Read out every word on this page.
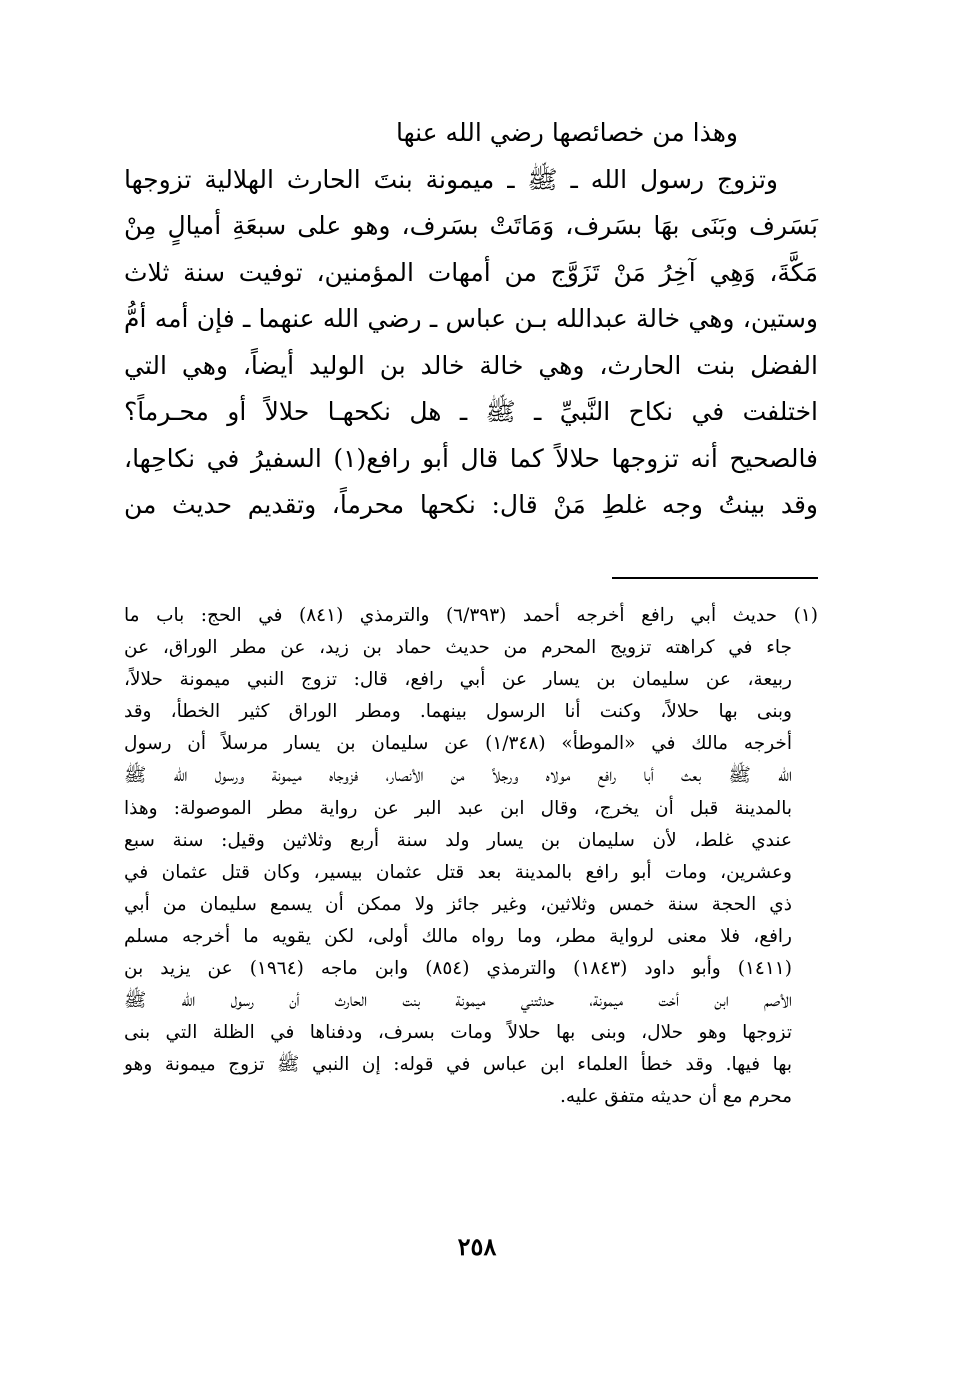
وهذا من خصائصها رضي الله عنها
وتزوج رسول الله ـ ﷺ ـ ميمونة بنتَ الحارث الهلالية تزوجها
بَسَرف وبَنَى بهَا بسَرف، وَمَاتَتْ بسَرف، وهو على سبعَةِ أميالٍ مِنْ
مَكَّةَ، وَهِي آخِرُ مَنْ تَزَوَّج من أمهات المؤمنين، توفيت سنة ثلاث
وستين، وهي خالة عبدالله بـن عباس ـ رضي الله عنهما ـ فإن أمه أمُّ
الفضل بنت الحارث، وهي خالة خالد بن الوليد أيضاً، وهي التي
اختلفت في نكاح النَّبيِّ ـ ﷺ ـ هل نكحهـا حلالاً أو محـرماً؟
فالصحيح أنه تزوجها حلالاً كما قال أبو رافع(١) السفيرُ في نكاحِها،
وقد بينتُ وجه غلطِ مَنْ قال: نكحها محرماً، وتقديم حديث من
(١) حديث أبي رافع أخرجه أحمد (٦/٣٩٣) والترمذي (٨٤١) في الحج: باب ما
جاء في كراهته تزويج المحرم من حديث حماد بن زيد، عن مطر الوراق، عن
ربيعة، عن سليمان بن يسار عن أبي رافع، قال: تزوج النبي ميمونة حلالاً،
وبنى بها حلالاً، وكنت أنا الرسول بينهما. ومطر الوراق كثير الخطأ، وقد
أخرجه مالك في «الموطأ» (١/٣٤٨) عن سليمان بن يسار مرسلاً أن رسول
الله ﷺ بعث أبا رافع مولاه ورجلاً من الأنصار، فزوجاه ميمونة ورسول الله ﷺ
بالمدينة قبل أن يخرج، وقال ابن عبد البر عن رواية مطر الموصولة: وهذا
عندي غلط، لأن سليمان بن يسار ولد سنة أربع وثلاثين وقيل: سنة سبع
وعشرين، ومات أبو رافع بالمدينة بعد قتل عثمان بيسير، وكان قتل عثمان في
ذي الحجة سنة خمس وثلاثين، وغير جائز ولا ممكن أن يسمع سليمان من أبي
رافع، فلا معنى لرواية مطر، وما رواه مالك أولى، لكن يقويه ما أخرجه مسلم
(١٤١١) وأبو داود (١٨٤٣) والترمذي (٨٥٤) وابن ماجه (١٩٦٤) عن يزيد بن
الأصم ابن أخت ميمونة، حدثتني ميمونة بنت الحارث أن رسول الله ﷺ
تزوجها وهو حلال، وبنى بها حلالاً ومات بسرف، ودفناها في الظلة التي بنى
بها فيها. وقد خطأ العلماء ابن عباس في قوله: إن النبي ﷺ تزوج ميمونة وهو
محرم مع أن حديثه متفق عليه.
٢٥٨
